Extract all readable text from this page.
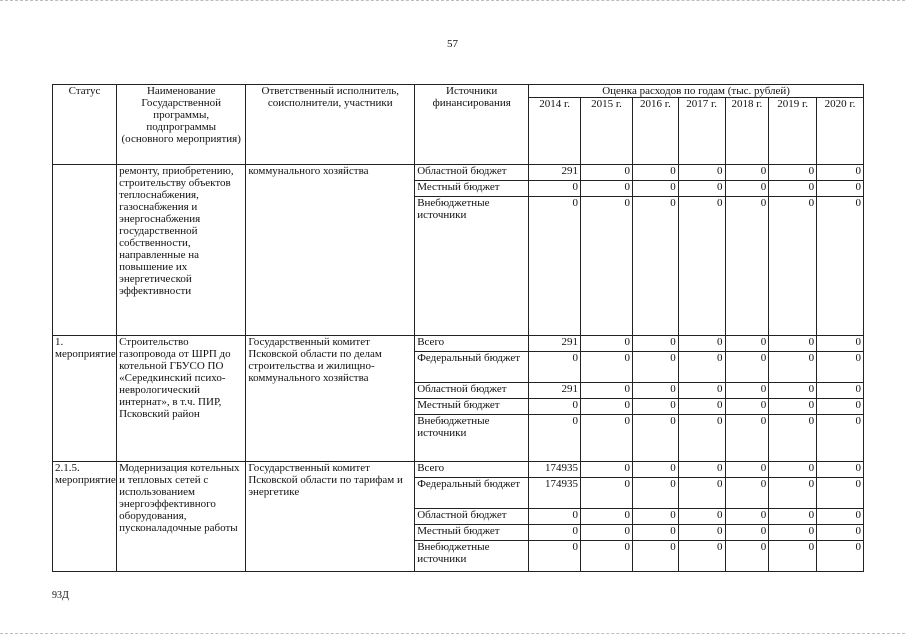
57
Статус	Наименование Государственной программы, подпрограммы (основного мероприятия)	Ответственный исполнитель, соисполнители, участники	Источники финансирования	Оценка расходов по годам (тыс. рублей)						

				2014 г.	2015 г.	2016 г.	2017 г.	2018 г.	2019 г.	2020 г.
	ремонту, приобретению, строительству объектов теплоснабжения, газоснабжения и энергоснабжения государственной собственности, направленные на повышение их энергетической эффективности	коммунального хозяйства	Областной бюджет	291	0	0	0	0	0	0
			Местный бюджет	0	0	0	0	0	0	0
			Внебюджетные источники	0	0	0	0	0	0	0
1. мероприятие	Строительство газопровода от ШРП до котельной ГБУСО ПО «Середкинский психо-неврологический интернат», в т.ч. ПИР, Псковский район	Государственный комитет Псковской области по делам строительства и жилищно-коммунального хозяйства	Всего	291	0	0	0	0	0	0
			Федеральный бюджет	0	0	0	0	0	0	0
			Областной бюджет	291	0	0	0	0	0	0
			Местный бюджет	0	0	0	0	0	0	0
			Внебюджетные источники	0	0	0	0	0	0	0
2.1.5. мероприятие	Модернизация котельных и тепловых сетей с использованием энергоэффективного оборудования, пусконаладочные работы	Государственный комитет Псковской области по тарифам и энергетике	Всего	174935	0	0	0	0	0	0
			Федеральный бюджет	174935	0	0	0	0	0	0
			Областной бюджет	0	0	0	0	0	0	0
			Местный бюджет	0	0	0	0	0	0	0
			Внебюджетные источники	0	0	0	0	0	0	0
93Д
